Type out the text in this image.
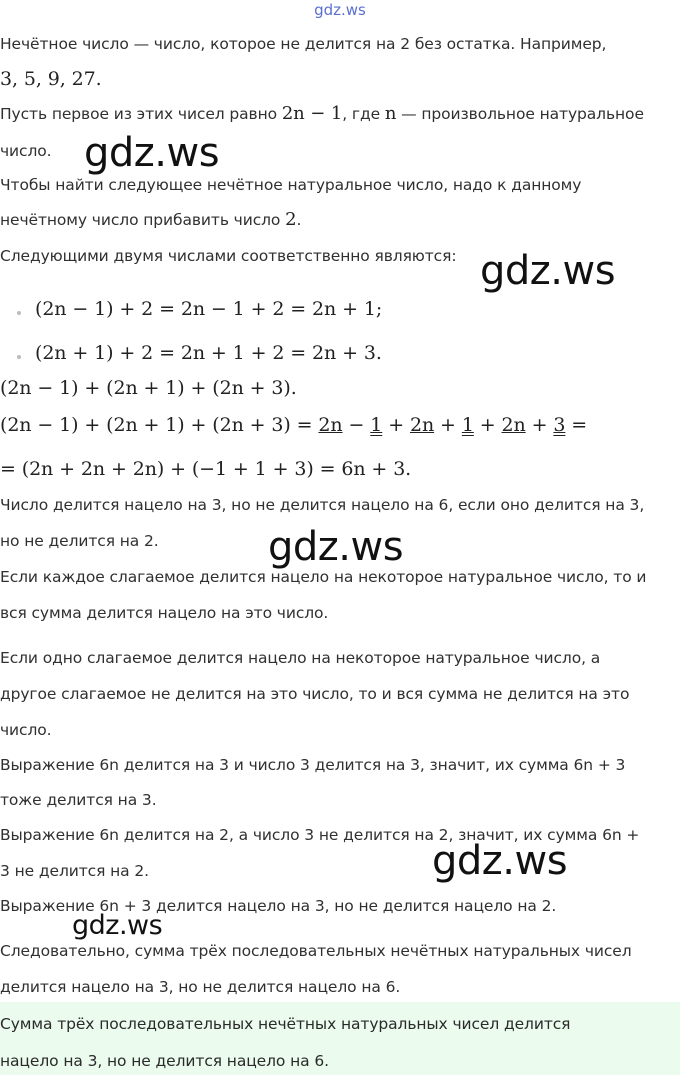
gdz.ws

Нечётное число — число, которое не делится на 2 без остатка. Например,

3, 5, 9, 27.

Пусть первое из этих чисел равно 2n − 1, где n — произвольное натуральное

число.

Чтобы найти следующее нечётное натуральное число, надо к данному

нечётному число прибавить число 2.

Следующими двумя числами соответственно являются:

(2n − 1) + 2 = 2n − 1 + 2 = 2n + 1;

(2n + 1) + 2 = 2n + 1 + 2 = 2n + 3.

(2n − 1) + (2n + 1) + (2n + 3).

(2n − 1) + (2n + 1) + (2n + 3) = 2n − 1 + 2n + 1 + 2n + 3 =

= (2n + 2n + 2n) + (−1 + 1 + 3) = 6n + 3.

Число делится нацело на 3, но не делится нацело на 6, если оно делится на 3,

но не делится на 2.

Если каждое слагаемое делится нацело на некоторое натуральное число, то и

вся сумма делится нацело на это число.

Если одно слагаемое делится нацело на некоторое натуральное число, а

другое слагаемое не делится на это число, то и вся сумма не делится на это

число.

Выражение 6n делится на 3 и число 3 делится на 3, значит, их сумма 6n + 3

тоже делится на 3.

Выражение 6n делится на 2, а число 3 не делится на 2, значит, их сумма 6n +

3 не делится на 2.

Выражение 6n + 3 делится нацело на 3, но не делится нацело на 2.

Следовательно, сумма трёх последовательных нечётных натуральных чисел

делится нацело на 3, но не делится нацело на 6.

Сумма трёх последовательных нечётных натуральных чисел делится

нацело на 3, но не делится нацело на 6.

gdz.ws
gdz.ws
gdz.ws
gdz.ws
gdz.ws
